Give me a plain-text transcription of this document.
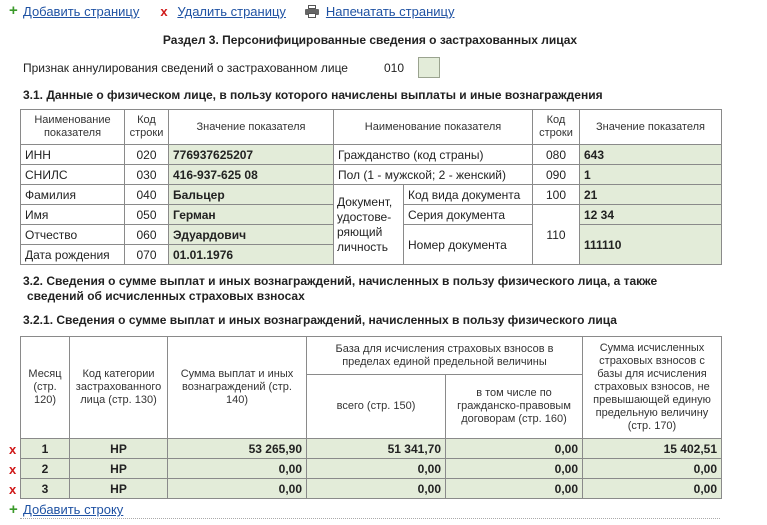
+ Добавить страницу x Удалить страницу	Напечатать страницу
Раздел 3. Персонифицированные сведения о застрахованных лицах
Признак аннулирования сведений о застрахованном лице	010
3.1. Данные о физическом лице, в пользу которого начислены выплаты и иные вознаграждения
Наименование показателя	Код строки	Значение показателя	Наименование показателя		Код строки	Значение показателя
ИНН	020	776937625207	Гражданство (код страны)		080	643
СНИЛС	030	416-937-625 08	Пол (1 - мужской; 2 - женский)		090	1
Фамилия	040	Бальцер	Документ, удостоверяющий личность	Код вида документа	100	21
Имя	050	Герман		Серия документа	110	12 34
Отчество	060	Эдуардович		Номер документа		111110
Дата рождения	070	01.01.1976				
3.2. Сведения о сумме выплат и иных вознаграждений, начисленных в пользу физического лица, а также
сведений об исчисленных страховых взносах
3.2.1. Сведения о сумме выплат и иных вознаграждений, начисленных в пользу физического лица
Месяц (стр. 120)	Код категории застрахованного лица (стр. 130)	Сумма выплат и иных вознаграждений (стр. 140)	База для исчисления страховых взносов в пределах единой предельной величины		Сумма исчисленных страховых взносов с базы для исчисления страховых взносов, не превышающей единую предельную величину (стр. 170)
			всего (стр. 150)	в том числе по гражданско-правовым договорам (стр. 160)	
1	НР	53 265,90	51 341,70	0,00	15 402,51
2	НР	0,00	0,00	0,00	0,00
3	НР	0,00	0,00	0,00	0,00
x
x
x
+ Добавить строку
